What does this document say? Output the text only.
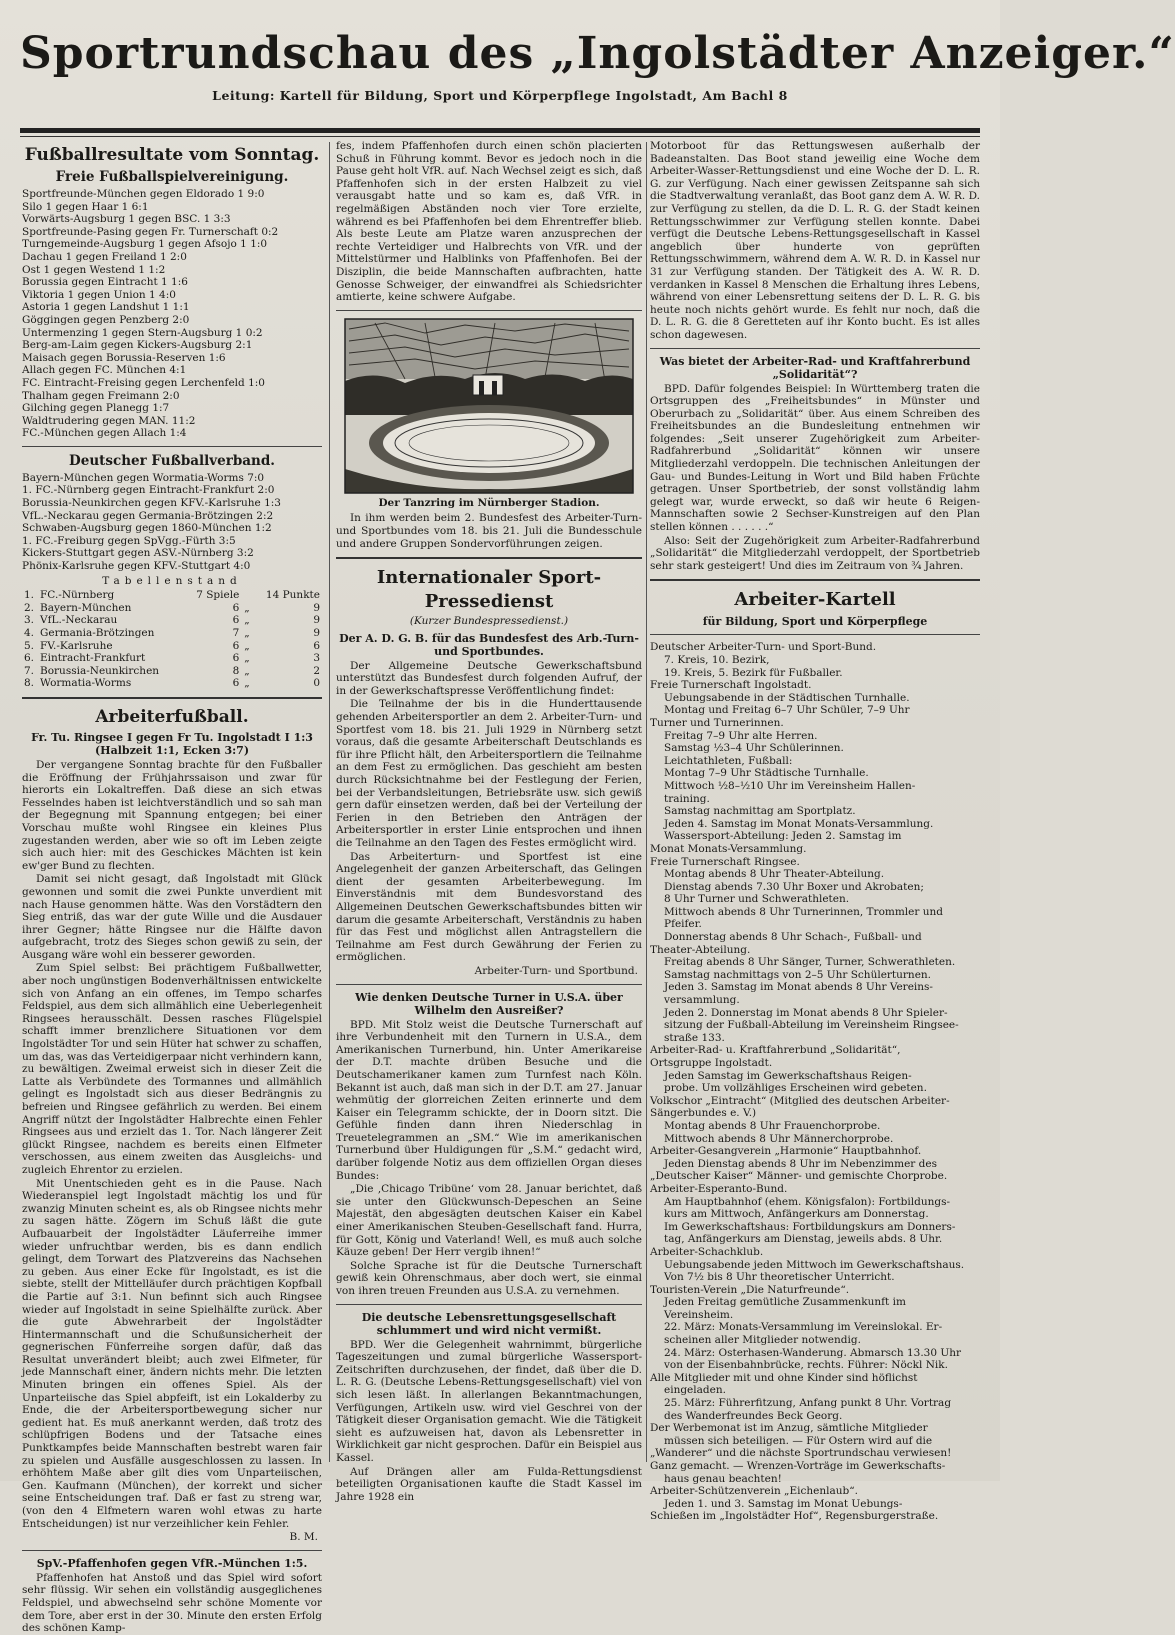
Sportrundschau des „Ingolstädter Anzeiger.“
Leitung: Kartell für Bildung, Sport und Körperpflege Ingolstadt, Am Bachl 8
Fußballresultate vom Sonntag.
Freie Fußballspielvereinigung.
Sportfreunde-München gegen Eldorado 1 9:0
Silo 1 gegen Haar 1 6:1
Vorwärts-Augsburg 1 gegen BSC. 1 3:3
Sportfreunde-Pasing gegen Fr. Turnerschaft 0:2
Turngemeinde-Augsburg 1 gegen Afsojo 1 1:0
Dachau 1 gegen Freiland 1 2:0
Ost 1 gegen Westend 1 1:2
Borussia gegen Eintracht 1 1:6
Viktoria 1 gegen Union 1 4:0
Astoria 1 gegen Landshut 1 1:1
Göggingen gegen Penzberg 2:0
Untermenzing 1 gegen Stern-Augsburg 1 0:2
Berg-am-Laim gegen Kickers-Augsburg 2:1
Maisach gegen Borussia-Reserven 1:6
Allach gegen FC. München 4:1
FC. Eintracht-Freising gegen Lerchenfeld 1:0
Thalham gegen Freimann 2:0
Gilching gegen Planegg 1:7
Waldtrudering gegen MAN. 11:2
FC.-München gegen Allach 1:4
Deutscher Fußballverband.
Bayern-München gegen Wormatia-Worms 7:0
1. FC.-Nürnberg gegen Eintracht-Frankfurt 2:0
Borussia-Neunkirchen gegen KFV.-Karlsruhe 1:3
VfL.-Neckarau gegen Germania-Brötzingen 2:2
Schwaben-Augsburg gegen 1860-München 1:2
1. FC.-Freiburg gegen SpVgg.-Fürth 3:5
Kickers-Stuttgart gegen ASV.-Nürnberg 3:2
Phönix-Karlsruhe gegen KFV.-Stuttgart 4:0
Tabellenstand
1.	FC.-Nürnberg	7 Spiele		14 Punkte
2.	Bayern-München	6	„	9
3.	VfL.-Neckarau	6	„	9
4.	Germania-Brötzingen	7	„	9
5.	FV.-Karlsruhe	6	„	6
6.	Eintracht-Frankfurt	6	„	3
7.	Borussia-Neunkirchen	8	„	2
8.	Wormatia-Worms	6	„	0
Arbeiterfußball.
Fr. Tu. Ringsee I gegen Fr Tu. Ingolstadt I 1:3 (Halbzeit 1:1, Ecken 3:7)

Der vergangene Sonntag brachte für den Fußballer die Eröffnung der Frühjahrssaison und zwar für hierorts ein Lokaltreffen. Daß diese an sich etwas Fesselndes haben ist leichtverständlich und so sah man der Begegnung mit Spannung entgegen; bei einer Vorschau mußte wohl Ringsee ein kleines Plus zugestanden werden, aber wie so oft im Leben zeigte sich auch hier: mit des Geschickes Mächten ist kein ew'ger Bund zu flechten.

Damit sei nicht gesagt, daß Ingolstadt mit Glück gewonnen und somit die zwei Punkte unverdient mit nach Hause genommen hätte. Was den Vorstädtern den Sieg entriß, das war der gute Wille und die Ausdauer ihrer Gegner; hätte Ringsee nur die Hälfte davon aufgebracht, trotz des Sieges schon gewiß zu sein, der Ausgang wäre wohl ein besserer geworden.

Zum Spiel selbst: Bei prächtigem Fußballwetter, aber noch ungünstigen Bodenverhältnissen entwickelte sich von Anfang an ein offenes, im Tempo scharfes Feldspiel, aus dem sich allmählich eine Ueberlegenheit Ringsees herausschält. Dessen rasches Flügelspiel schafft immer brenzlichere Situationen vor dem Ingolstädter Tor und sein Hüter hat schwer zu schaffen, um das, was das Verteidigerpaar nicht verhindern kann, zu bewältigen. Zweimal erweist sich in dieser Zeit die Latte als Verbündete des Tormannes und allmählich gelingt es Ingolstadt sich aus dieser Bedrängnis zu befreien und Ringsee gefährlich zu werden. Bei einem Angriff nützt der Ingolstädter Halbrechte einen Fehler Ringsees aus und erzielt das 1. Tor. Nach längerer Zeit glückt Ringsee, nachdem es bereits einen Elfmeter verschossen, aus einem zweiten das Ausgleichs- und zugleich Ehrentor zu erzielen.

Mit Unentschieden geht es in die Pause. Nach Wiederanspiel legt Ingolstadt mächtig los und für zwanzig Minuten scheint es, als ob Ringsee nichts mehr zu sagen hätte. Zögern im Schuß läßt die gute Aufbauarbeit der Ingolstädter Läuferreihe immer wieder unfruchtbar werden, bis es dann endlich gelingt, dem Torwart des Platzvereins das Nachsehen zu geben. Aus einer Ecke für Ingolstadt, es ist die siebte, stellt der Mittelläufer durch prächtigen Kopfball die Partie auf 3:1. Nun befinnt sich auch Ringsee wieder auf Ingolstadt in seine Spielhälfte zurück. Aber die gute Abwehrarbeit der Ingolstädter Hintermannschaft und die Schußunsicherheit der gegnerischen Fünferreihe sorgen dafür, daß das Resultat unverändert bleibt; auch zwei Elfmeter, für jede Mannschaft einer, ändern nichts mehr. Die letzten Minuten bringen ein offenes Spiel. Als der Unparteiische das Spiel abpfeift, ist ein Lokalderby zu Ende, die der Arbeitersportbewegung sicher nur gedient hat. Es muß anerkannt werden, daß trotz des schlüpfrigen Bodens und der Tatsache eines Punktkampfes beide Mannschaften bestrebt waren fair zu spielen und Ausfälle ausgeschlossen zu lassen. In erhöhtem Maße aber gilt dies vom Unparteiischen, Gen. Kaufmann (München), der korrekt und sicher seine Entscheidungen traf. Daß er fast zu streng war, (von den 4 Elfmetern waren wohl etwas zu harte Entscheidungen) ist nur verzeihlicher kein Fehler.

B. M.
SpV.-Pfaffenhofen gegen VfR.-München 1:5.

Pfaffenhofen hat Anstoß und das Spiel wird sofort sehr flüssig. Wir sehen ein vollständig ausgeglichenes Feldspiel, und abwechselnd sehr schöne Momente vor dem Tore, aber erst in der 30. Minute den ersten Erfolg des schönen Kamp-

fes, indem Pfaffenhofen durch einen schön placierten Schuß in Führung kommt. Bevor es jedoch noch in die Pause geht holt VfR. auf. Nach Wechsel zeigt es sich, daß Pfaffenhofen sich in der ersten Halbzeit zu viel verausgabt hatte und so kam es, daß VfR. in regelmäßigen Abständen noch vier Tore erzielte, während es bei Pfaffenhofen bei dem Ehrentreffer blieb. Als beste Leute am Platze waren anzusprechen der rechte Verteidiger und Halbrechts von VfR. und der Mittelstürmer und Halblinks von Pfaffenhofen. Bei der Disziplin, die beide Mannschaften aufbrachten, hatte Genosse Schweiger, der einwandfrei als Schiedsrichter amtierte, keine schwere Aufgabe.

Der Tanzring im Nürnberger Stadion.

In ihm werden beim 2. Bundesfest des Arbeiter-Turn- und Sportbundes vom 18. bis 21. Juli die Bundesschule und andere Gruppen Sondervorführungen zeigen.

Internationaler Sport-Pressedienst
(Kurzer Bundespressedienst.)
Der A. D. G. B. für das Bundesfest des Arb.-Turn- und Sportbundes.

Der Allgemeine Deutsche Gewerkschaftsbund unterstützt das Bundesfest durch folgenden Aufruf, der in der Gewerkschaftspresse Veröffentlichung findet:

Die Teilnahme der bis in die Hunderttausende gehenden Arbeitersportler an dem 2. Arbeiter-Turn- und Sportfest vom 18. bis 21. Juli 1929 in Nürnberg setzt voraus, daß die gesamte Arbeiterschaft Deutschlands es für ihre Pflicht hält, den Arbeitersportlern die Teilnahme an dem Fest zu ermöglichen. Das geschieht am besten durch Rücksichtnahme bei der Festlegung der Ferien, bei der Verbandsleitungen, Betriebsräte usw. sich gewiß gern dafür einsetzen werden, daß bei der Verteilung der Ferien in den Betrieben den Anträgen der Arbeitersportler in erster Linie entsprochen und ihnen die Teilnahme an den Tagen des Festes ermöglicht wird.

Das Arbeiterturn- und Sportfest ist eine Angelegenheit der ganzen Arbeiterschaft, das Gelingen dient der gesamten Arbeiterbewegung. Im Einverständnis mit dem Bundesvorstand des Allgemeinen Deutschen Gewerkschaftsbundes bitten wir darum die gesamte Arbeiterschaft, Verständnis zu haben für das Fest und möglichst allen Antragstellern die Teilnahme am Fest durch Gewährung der Ferien zu ermöglichen.

Arbeiter-Turn- und Sportbund.
Wie denken Deutsche Turner in U.S.A. über Wilhelm den Ausreißer?

BPD. Mit Stolz weist die Deutsche Turnerschaft auf ihre Verbundenheit mit den Turnern in U.S.A., dem Amerikanischen Turnerbund, hin. Unter Amerikareise der D.T. machte drüben Besuche und die Deutschamerikaner kamen zum Turnfest nach Köln. Bekannt ist auch, daß man sich in der D.T. am 27. Januar wehmütig der glorreichen Zeiten erinnerte und dem Kaiser ein Telegramm schickte, der in Doorn sitzt. Die Gefühle finden dann ihren Niederschlag in Treuetelegrammen an „SM.“ Wie im amerikanischen Turnerbund über Huldigungen für „S.M.“ gedacht wird, darüber folgende Notiz aus dem offiziellen Organ dieses Bundes:

„Die ‚Chicago Tribüne‘ vom 28. Januar berichtet, daß sie unter den Glückwunsch-Depeschen an Seine Majestät, den abgesägten deutschen Kaiser ein Kabel einer Amerikanischen Steuben-Gesellschaft fand. Hurra, für Gott, König und Vaterland! Well, es muß auch solche Käuze geben! Der Herr vergib ihnen!“

Solche Sprache ist für die Deutsche Turnerschaft gewiß kein Ohrenschmaus, aber doch wert, sie einmal von ihren treuen Freunden aus U.S.A. zu vernehmen.

Die deutsche Lebensrettungsgesellschaft schlummert und wird nicht vermißt.

BPD. Wer die Gelegenheit wahrnimmt, bürgerliche Tageszeitungen und zumal bürgerliche Wassersport-Zeitschriften durchzusehen, der findet, daß über die D. L. R. G. (Deutsche Lebens-Rettungsgesellschaft) viel von sich lesen läßt. In allerlangen Bekanntmachungen, Verfügungen, Artikeln usw. wird viel Geschrei von der Tätigkeit dieser Organisation gemacht. Wie die Tätigkeit sieht es aufzuweisen hat, davon als Lebensretter in Wirklichkeit gar nicht gesprochen. Dafür ein Beispiel aus Kassel.

Auf Drängen aller am Fulda-Rettungsdienst beteiligten Organisationen kaufte die Stadt Kassel im Jahre 1928 ein

Motorboot für das Rettungswesen außerhalb der Badeanstalten. Das Boot stand jeweilig eine Woche dem Arbeiter-Wasser-Rettungsdienst und eine Woche der D. L. R. G. zur Verfügung. Nach einer gewissen Zeitspanne sah sich die Stadtverwaltung veranlaßt, das Boot ganz dem A. W. R. D. zur Verfügung zu stellen, da die D. L. R. G. der Stadt keinen Rettungsschwimmer zur Verfügung stellen konnte. Dabei verfügt die Deutsche Lebens-Rettungsgesellschaft in Kassel angeblich über hunderte von geprüften Rettungsschwimmern, während dem A. W. R. D. in Kassel nur 31 zur Verfügung standen. Der Tätigkeit des A. W. R. D. verdanken in Kassel 8 Menschen die Erhaltung ihres Lebens, während von einer Lebensrettung seitens der D. L. R. G. bis heute noch nichts gehört wurde. Es fehlt nur noch, daß die D. L. R. G. die 8 Geretteten auf ihr Konto bucht. Es ist alles schon dagewesen.

Was bietet der Arbeiter-Rad- und Kraftfahrerbund „Solidarität“?

BPD. Dafür folgendes Beispiel: In Württemberg traten die Ortsgruppen des „Freiheitsbundes“ in Münster und Oberurbach zu „Solidarität“ über. Aus einem Schreiben des Freiheitsbundes an die Bundesleitung entnehmen wir folgendes: „Seit unserer Zugehörigkeit zum Arbeiter-Radfahrerbund „Solidarität“ können wir unsere Mitgliederzahl verdoppeln. Die technischen Anleitungen der Gau- und Bundes-Leitung in Wort und Bild haben Früchte getragen. Unser Sportbetrieb, der sonst vollständig lahm gelegt war, wurde erweckt, so daß wir heute 6 Reigen-Mannschaften sowie 2 Sechser-Kunstreigen auf den Plan stellen können . . . . . .“

Also: Seit der Zugehörigkeit zum Arbeiter-Radfahrerbund „Solidarität“ die Mitgliederzahl verdoppelt, der Sportbetrieb sehr stark gesteigert! Und dies im Zeitraum von ¾ Jahren.

Arbeiter-Kartell
für Bildung, Sport und Körperpflege
Deutscher Arbeiter-Turn- und Sport-Bund.
7. Kreis, 10. Bezirk,
19. Kreis, 5. Bezirk für Fußballer.
Freie Turnerschaft Ingolstadt.
Uebungsabende in der Städtischen Turnhalle.
Montag und Freitag 6–7 Uhr Schüler, 7–9 Uhr
Turner und Turnerinnen.
Freitag 7–9 Uhr alte Herren.
Samstag ½3–4 Uhr Schülerinnen.
Leichtathleten, Fußball:
Montag 7–9 Uhr Städtische Turnhalle.
Mittwoch ½8–½10 Uhr im Vereinsheim Hallen-
training.
Samstag nachmittag am Sportplatz.
Jeden 4. Samstag im Monat Monats-Versammlung.
Wassersport-Abteilung: Jeden 2. Samstag im
Monat Monats-Versammlung.
Freie Turnerschaft Ringsee.
Montag abends 8 Uhr Theater-Abteilung.
Dienstag abends 7.30 Uhr Boxer und Akrobaten;
8 Uhr Turner und Schwerathleten.
Mittwoch abends 8 Uhr Turnerinnen, Trommler und
Pfeifer.
Donnerstag abends 8 Uhr Schach-, Fußball- und
Theater-Abteilung.
Freitag abends 8 Uhr Sänger, Turner, Schwerathleten.
Samstag nachmittags von 2–5 Uhr Schülerturnen.
Jeden 3. Samstag im Monat abends 8 Uhr Vereins-
versammlung.
Jeden 2. Donnerstag im Monat abends 8 Uhr Spieler-
sitzung der Fußball-Abteilung im Vereinsheim Ringsee-
straße 133.
Arbeiter-Rad- u. Kraftfahrerbund „Solidarität“,
Ortsgruppe Ingolstadt.
Jeden Samstag im Gewerkschaftshaus Reigen-
probe. Um vollzähliges Erscheinen wird gebeten.
Volkschor „Eintracht“ (Mitglied des deutschen Arbeiter-
Sängerbundes e. V.)
Montag abends 8 Uhr Frauenchorprobe.
Mittwoch abends 8 Uhr Männerchorprobe.
Arbeiter-Gesangverein „Harmonie“ Hauptbahnhof.
Jeden Dienstag abends 8 Uhr im Nebenzimmer des
„Deutscher Kaiser“ Männer- und gemischte Chorprobe.
Arbeiter-Esperanto-Bund.
Am Hauptbahnhof (ehem. Königsfalon): Fortbildungs-
kurs am Mittwoch, Anfängerkurs am Donnerstag.
Im Gewerkschaftshaus: Fortbildungskurs am Donners-
tag, Anfängerkurs am Dienstag, jeweils abds. 8 Uhr.
Arbeiter-Schachklub.
Uebungsabende jeden Mittwoch im Gewerkschaftshaus.
Von 7½ bis 8 Uhr theoretischer Unterricht.
Touristen-Verein „Die Naturfreunde“.
Jeden Freitag gemütliche Zusammenkunft im
Vereinsheim.
22. März: Monats-Versammlung im Vereinslokal. Er-
scheinen aller Mitglieder notwendig.
24. März: Osterhasen-Wanderung. Abmarsch 13.30 Uhr
von der Eisenbahnbrücke, rechts. Führer: Nöckl Nik.
Alle Mitglieder mit und ohne Kinder sind höflichst
eingeladen.
25. März: Führerfitzung, Anfang punkt 8 Uhr. Vortrag
des Wanderfreundes Beck Georg.
Der Werbemonat ist im Anzug, sämtliche Mitglieder
müssen sich beteiligen. — Für Ostern wird auf die
„Wanderer“ und die nächste Sportrundschau verwiesen!
Ganz gemacht. — Wrenzen-Vorträge im Gewerkschafts-
haus genau beachten!
Arbeiter-Schützenverein „Eichenlaub“.
Jeden 1. und 3. Samstag im Monat Uebungs-
Schießen im „Ingolstädter Hof“, Regensburgerstraße.
